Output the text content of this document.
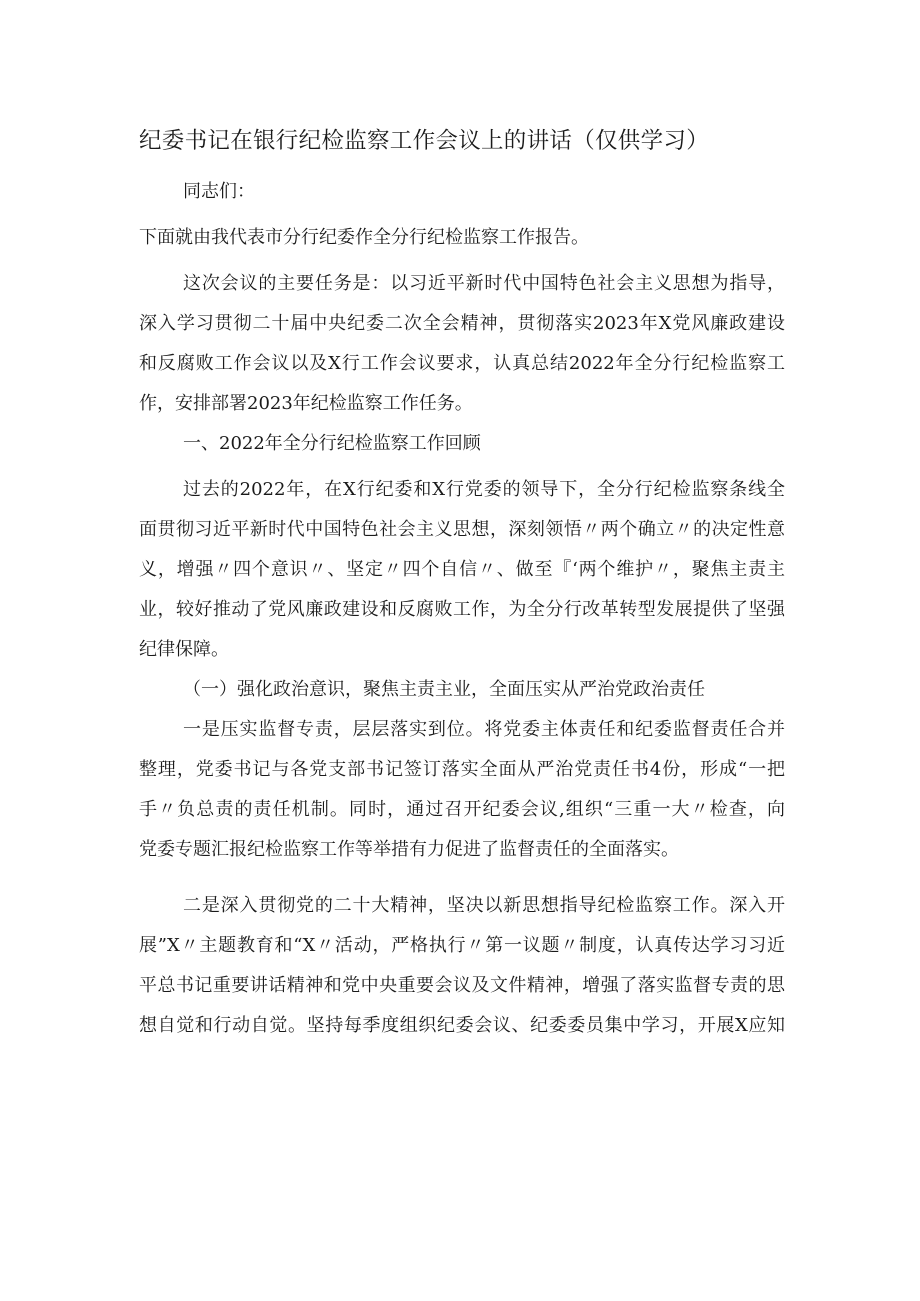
纪委书记在银行纪检监察工作会议上的讲话（仅供学习）

同志们：

下面就由我代表市分行纪委作全分行纪检监察工作报告。

这次会议的主要任务是：以习近平新时代中国特色社会主义思想为指导，

深入学习贯彻二十届中央纪委二次全会精神，贯彻落实2023年X党风廉政建设

和反腐败工作会议以及X行工作会议要求，认真总结2022年全分行纪检监察工

作，安排部署2023年纪检监察工作任务。

一、2022年全分行纪检监察工作回顾

过去的2022年，在X行纪委和X行党委的领导下，全分行纪检监察条线全

面贯彻习近平新时代中国特色社会主义思想，深刻领悟〃两个确立〃的决定性意

义，增强〃四个意识〃、坚定〃四个自信〃、做至『‘两个维护〃，聚焦主责主

业，较好推动了党风廉政建设和反腐败工作，为全分行改革转型发展提供了坚强

纪律保障。

（一）强化政治意识，聚焦主责主业，全面压实从严治党政治责任

一是压实监督专责，层层落实到位。将党委主体责任和纪委监督责任合并

整理，党委书记与各党支部书记签订落实全面从严治党责任书4份，形成“一把

手〃负总责的责任机制。同时，通过召开纪委会议,组织“三重一大〃检查，向

党委专题汇报纪检监察工作等举措有力促进了监督责任的全面落实。

二是深入贯彻党的二十大精神，坚决以新思想指导纪检监察工作。深入开

展”X〃主题教育和“X〃活动，严格执行〃第一议题〃制度，认真传达学习习近

平总书记重要讲话精神和党中央重要会议及文件精神，增强了落实监督专责的思

想自觉和行动自觉。坚持每季度组织纪委会议、纪委委员集中学习，开展X应知
